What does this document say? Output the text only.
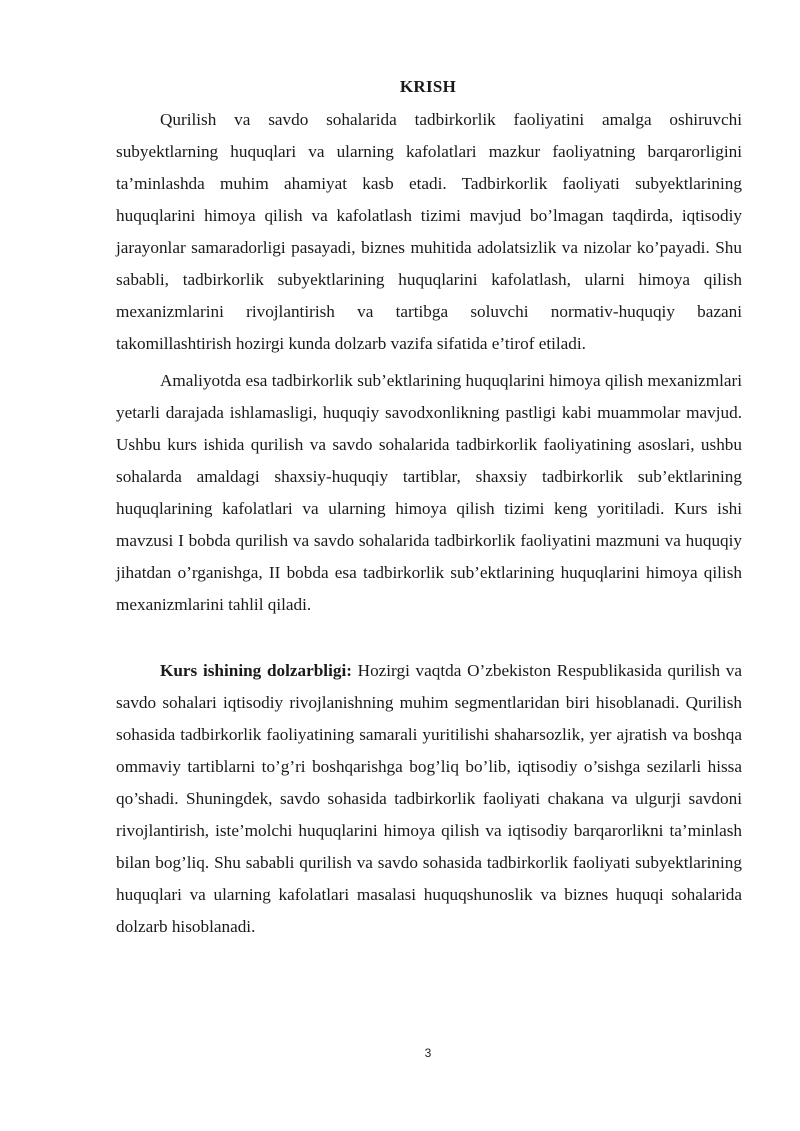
KRISH

Qurilish va savdo sohalarida tadbirkorlik faoliyatini amalga oshiruvchi subyektlarning huquqlari va ularning kafolatlari mazkur faoliyatning barqarorligini ta’minlashda muhim ahamiyat kasb etadi. Tadbirkorlik faoliyati subyektlarining huquqlarini himoya qilish va kafolatlash tizimi mavjud bo’lmagan taqdirda, iqtisodiy jarayonlar samaradorligi pasayadi, biznes muhitida adolatsizlik va nizolar ko’payadi. Shu sababli, tadbirkorlik subyektlarining huquqlarini kafolatlash, ularni himoya qilish mexanizmlarini rivojlantirish va tartibga soluvchi normativ-huquqiy bazani takomillashtirish hozirgi kunda dolzarb vazifa sifatida e’tirof etiladi.

Amaliyotda esa tadbirkorlik sub’ektlarining huquqlarini himoya qilish mexanizmlari yetarli darajada ishlamasligi, huquqiy savodxonlikning pastligi kabi muammolar mavjud. Ushbu kurs ishida qurilish va savdo sohalarida tadbirkorlik faoliyatining asoslari, ushbu sohalarda amaldagi shaxsiy-huquqiy tartiblar, shaxsiy tadbirkorlik sub’ektlarining huquqlarining kafolatlari va ularning himoya qilish tizimi keng yoritiladi. Kurs ishi mavzusi I bobda qurilish va savdo sohalarida tadbirkorlik faoliyatini mazmuni va huquqiy jihatdan o’rganishga, II bobda esa tadbirkorlik sub’ektlarining huquqlarini himoya qilish mexanizmlarini tahlil qiladi.

Kurs ishining dolzarbligi: Hozirgi vaqtda O’zbekiston Respublikasida qurilish va savdo sohalari iqtisodiy rivojlanishning muhim segmentlaridan biri hisoblanadi. Qurilish sohasida tadbirkorlik faoliyatining samarali yuritilishi shaharsozlik, yer ajratish va boshqa ommaviy tartiblarni to’g’ri boshqarishga bog’liq bo’lib, iqtisodiy o’sishga sezilarli hissa qo’shadi. Shuningdek, savdo sohasida tadbirkorlik faoliyati chakana va ulgurji savdoni rivojlantirish, iste’molchi huquqlarini himoya qilish va iqtisodiy barqarorlikni ta’minlash bilan bog’liq. Shu sababli qurilish va savdo sohasida tadbirkorlik faoliyati subyektlarining huquqlari va ularning kafolatlari masalasi huquqshunoslik va biznes huquqi sohalarida dolzarb hisoblanadi.

3
